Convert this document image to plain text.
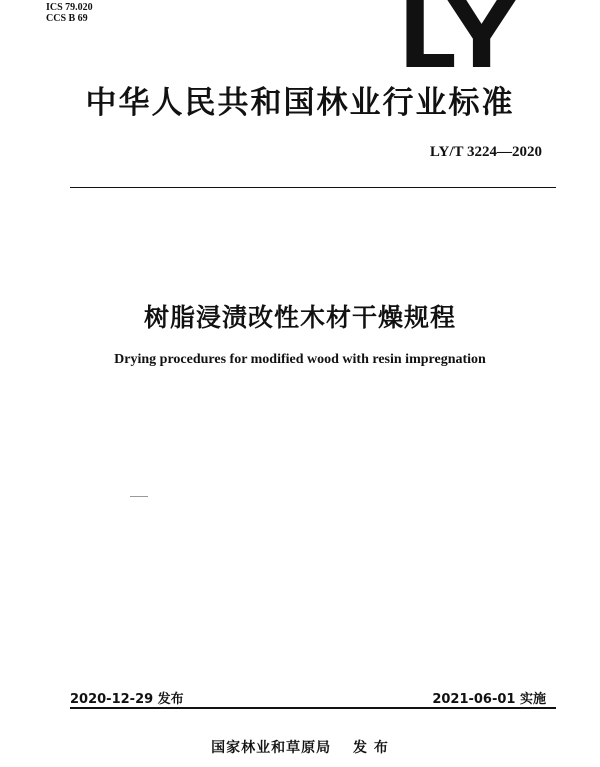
ICS 79.020
CCS B 69	LY
中华人民共和国林业行业标准
LY/T 3224—2020
树脂浸渍改性木材干燥规程
Drying procedures for modified wood with resin impregnation
2020-12-29 发布	2021-06-01 实施
国家林业和草原局 发 布
